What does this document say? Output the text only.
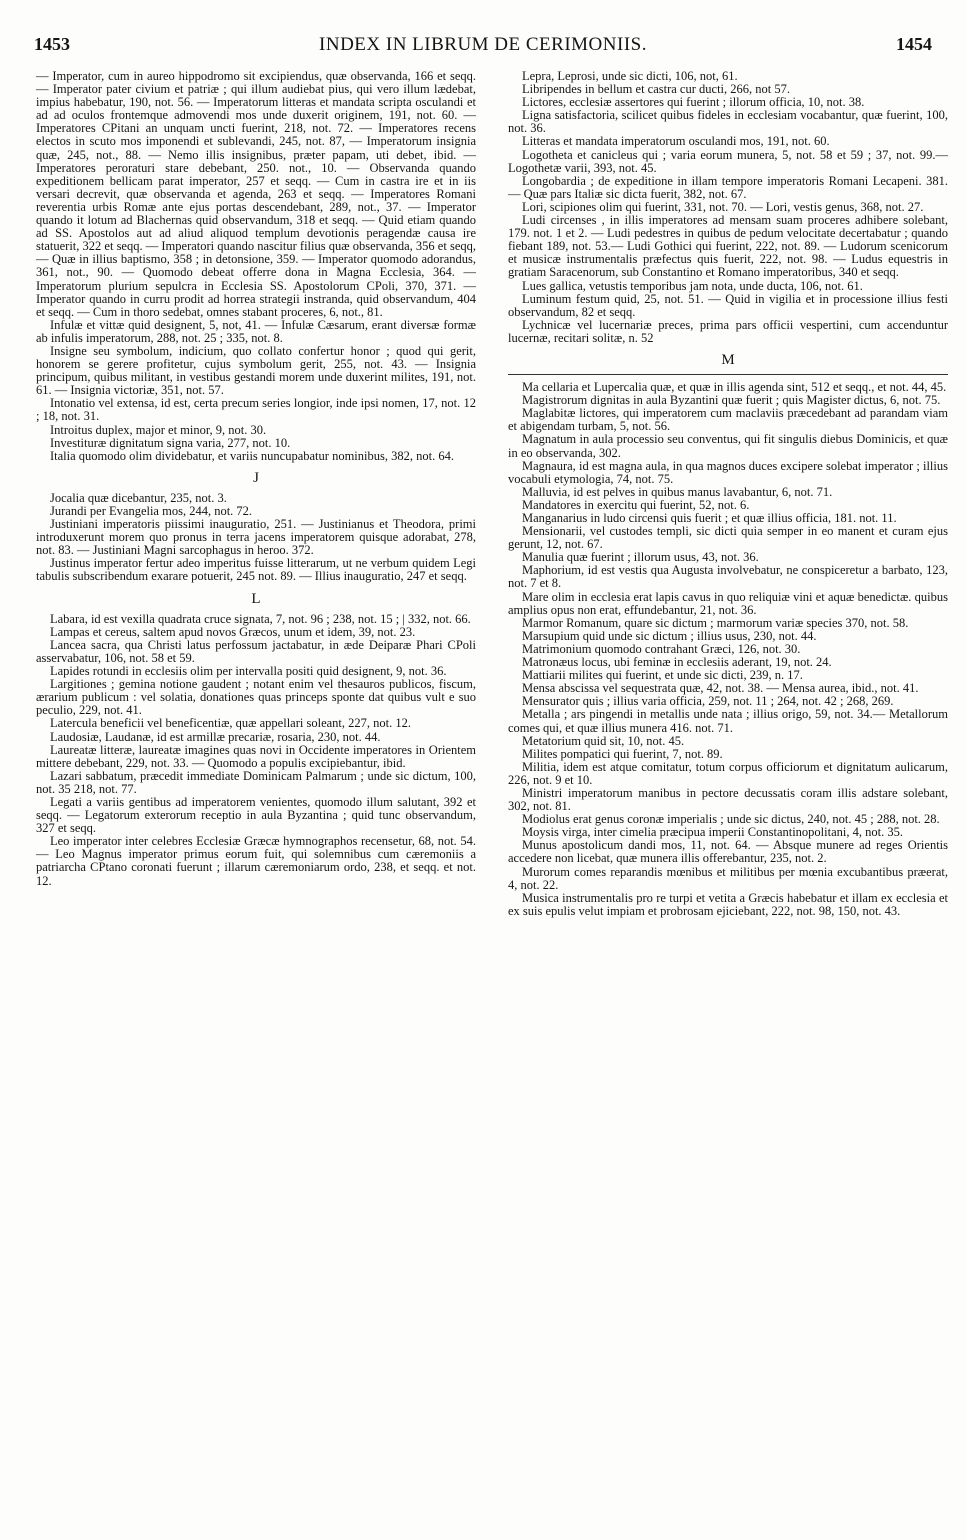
1453	INDEX IN LIBRUM DE CERIMONIIS.	1454

— Imperator, cum in aureo hippodromo sit excipiendus, quæ observanda, 166 et seqq. — Imperator pater civium et patriæ ; qui illum audiebat pius, qui vero illum lædebat, impius habebatur, 190, not. 56. — Imperatorum litteras et mandata scripta osculandi et ad ad oculos frontemque admovendi mos unde duxerit originem, 191, not. 60. — Imperatores CPitani an unquam uncti fuerint, 218, not. 72. — Imperatores recens electos in scuto mos imponendi et sublevandi, 245, not. 87, — Imperatorum insignia quæ, 245, not., 88. — Nemo illis insignibus, præter papam, uti debet, ibid. — Imperatores peroraturi stare debebant, 250. not., 10. — Observanda quando expeditionem bellicam parat imperator, 257 et seqq. — Cum in castra ire et in iis versari decrevit, quæ observanda et agenda, 263 et seqq. — Imperatores Romani reverentia urbis Romæ ante ejus portas descendebant, 289, not., 37. — Imperator quando it lotum ad Blachernas quid observandum, 318 et seqq. — Quid etiam quando ad SS. Apostolos aut ad aliud aliquod templum devotionis peragendæ causa ire statuerit, 322 et seqq. — Imperatori quando nascitur filius quæ observanda, 356 et seqq, — Quæ in illius baptismo, 358 ; in detonsione, 359. — Imperator quomodo adorandus, 361, not., 90. — Quomodo debeat offerre dona in Magna Ecclesia, 364. — Imperatorum plurium sepulcra in Ecclesia SS. Apostolorum CPoli, 370, 371. — Imperator quando in curru prodit ad horrea strategii instranda, quid observandum, 404 et seqq. — Cum in thoro sedebat, omnes stabant proceres, 6, not., 81.

Infulæ et vittæ quid designent, 5, not, 41. — Infulæ Cæsarum, erant diversæ formæ ab infulis imperatorum, 288, not. 25 ; 335, not. 8.

Insigne seu symbolum, indicium, quo collato confertur honor ; quod qui gerit, honorem se gerere profitetur, cujus symbolum gerit, 255, not. 43. — Insignia principum, quibus militant, in vestibus gestandi morem unde duxerint milites, 191, not. 61. — Insignia victoriæ, 351, not. 57.

Intonatio vel extensa, id est, certa precum series longior, inde ipsi nomen, 17, not. 12 ; 18, not. 31.

Introitus duplex, major et minor, 9, not. 30.

Investituræ dignitatum signa varia, 277, not. 10.

Italia quomodo olim dividebatur, et variis nuncupabatur nominibus, 382, not. 64.

J

Jocalia quæ dicebantur, 235, not. 3.

Jurandi per Evangelia mos, 244, not. 72.

Justiniani imperatoris piissimi inauguratio, 251. — Justinianus et Theodora, primi introduxerunt morem quo pronus in terra jacens imperatorem quisque adorabat, 278, not. 83. — Justiniani Magni sarcophagus in heroo. 372.

Justinus imperator fertur adeo imperitus fuisse litterarum, ut ne verbum quidem Legi tabulis subscribendum exarare potuerit, 245 not. 89. — Illius inauguratio, 247 et seqq.

L

Labara, id est vexilla quadrata cruce signata, 7, not. 96 ; 238, not. 15 ; | 332, not. 66.

Lampas et cereus, saltem apud novos Græcos, unum et idem, 39, not. 23.

Lancea sacra, qua Christi latus perfossum jactabatur, in æde Deiparæ Phari CPoli asservabatur, 106, not. 58 et 59.

Lapides rotundi in ecclesiis olim per intervalla positi quid designent, 9, not. 36.

Largitiones ; gemina notione gaudent ; notant enim vel thesauros publicos, fiscum, ærarium publicum : vel solatia, donationes quas princeps sponte dat quibus vult e suo peculio, 229, not. 41.

Latercula beneficii vel beneficentiæ, quæ appellari soleant, 227, not. 12.

Laudosiæ, Laudanæ, id est armillæ precariæ, rosaria, 230, not. 44.

Laureatæ litteræ, laureatæ imagines quas novi in Occidente imperatores in Orientem mittere debebant, 229, not. 33. — Quomodo a populis excipiebantur, ibid.

Lazari sabbatum, præcedit immediate Dominicam Palmarum ; unde sic dictum, 100, not. 35 218, not. 77.

Legati a variis gentibus ad imperatorem venientes, quomodo illum salutant, 392 et seqq. — Legatorum exterorum receptio in aula Byzantina ; quid tunc observandum, 327 et seqq.

Leo imperator inter celebres Ecclesiæ Græcæ hymnographos recensetur, 68, not. 54. — Leo Magnus imperator primus eorum fuit, qui solemnibus cum cæremoniis a patriarcha CPtano coronati fuerunt ; illarum cæremoniarum ordo, 238, et seqq. et not. 12.

Lepra, Leprosi, unde sic dicti, 106, not, 61.

Libripendes in bellum et castra cur ducti, 266, not 57.

Lictores, ecclesiæ assertores qui fuerint ; illorum officia, 10, not. 38.

Ligna satisfactoria, scilicet quibus fideles in ecclesiam vocabantur, quæ fuerint, 100, not. 36.

Litteras et mandata imperatorum osculandi mos, 191, not. 60.

Logotheta et canicleus qui ; varia eorum munera, 5, not. 58 et 59 ; 37, not. 99.— Logothetæ varii, 393, not. 45.

Longobardia ; de expeditione in illam tempore imperatoris Romani Lecapeni. 381. — Quæ pars Italiæ sic dicta fuerit, 382, not. 67.

Lori, scipiones olim qui fuerint, 331, not. 70. — Lori, vestis genus, 368, not. 27.

Ludi circenses , in illis imperatores ad mensam suam proceres adhibere solebant, 179. not. 1 et 2. — Ludi pedestres in quibus de pedum velocitate decertabatur ; quando fiebant 189, not. 53.— Ludi Gothici qui fuerint, 222, not. 89. — Ludorum scenicorum et musicæ instrumentalis præfectus quis fuerit, 222, not. 98. — Ludus equestris in gratiam Saracenorum, sub Constantino et Romano imperatoribus, 340 et seqq.

Lues gallica, vetustis temporibus jam nota, unde ducta, 106, not. 61.

Luminum festum quid, 25, not. 51. — Quid in vigilia et in processione illius festi observandum, 82 et seqq.

Lychnicæ vel lucernariæ preces, prima pars officii vespertini, cum accenduntur lucernæ, recitari solitæ, n. 52

M

Ma cellaria et Lupercalia quæ, et quæ in illis agenda sint, 512 et seqq., et not. 44, 45.

Magistrorum dignitas in aula Byzantini quæ fuerit ; quis Magister dictus, 6, not. 75.

Maglabitæ lictores, qui imperatorem cum maclaviis præcedebant ad parandam viam et abigendam turbam, 5, not. 56.

Magnatum in aula processio seu conventus, qui fit singulis diebus Dominicis, et quæ in eo observanda, 302.

Magnaura, id est magna aula, in qua magnos duces excipere solebat imperator ; illius vocabuli etymologia, 74, not. 75.

Malluvia, id est pelves in quibus manus lavabantur, 6, not. 71.

Mandatores in exercitu qui fuerint, 52, not. 6.

Manganarius in ludo circensi quis fuerit ; et quæ illius officia, 181. not. 11.

Mensionarii, vel custodes templi, sic dicti quia semper in eo manent et curam ejus gerunt, 12, not. 67.

Manulia quæ fuerint ; illorum usus, 43, not. 36.

Maphorium, id est vestis qua Augusta involvebatur, ne conspiceretur a barbato, 123, not. 7 et 8.

Mare olim in ecclesia erat lapis cavus in quo reliquiæ vini et aquæ benedictæ. quibus amplius opus non erat, effundebantur, 21, not. 36.

Marmor Romanum, quare sic dictum ; marmorum variæ species 370, not. 58.

Marsupium quid unde sic dictum ; illius usus, 230, not. 44.

Matrimonium quomodo contrahant Græci, 126, not. 30.

Matronæus locus, ubi feminæ in ecclesiis aderant, 19, not. 24.

Mattiarii milites qui fuerint, et unde sic dicti, 239, n. 17.

Mensa abscissa vel sequestrata quæ, 42, not. 38. — Mensa aurea, ibid., not. 41.

Mensurator quis ; illius varia officia, 259, not. 11 ; 264, not. 42 ; 268, 269.

Metalla ; ars pingendi in metallis unde nata ; illius origo, 59, not. 34.— Metallorum comes qui, et quæ illius munera 416. not. 71.

Metatorium quid sit, 10, not. 45.

Milites pompatici qui fuerint, 7, not. 89.

Militia, idem est atque comitatur, totum corpus officiorum et dignitatum aulicarum, 226, not. 9 et 10.

Ministri imperatorum manibus in pectore decussatis coram illis adstare solebant, 302, not. 81.

Modiolus erat genus coronæ imperialis ; unde sic dictus, 240, not. 45 ; 288, not. 28.

Moysis virga, inter cimelia præcipua imperii Constantinopolitani, 4, not. 35.

Munus apostolicum dandi mos, 11, not. 64. — Absque munere ad reges Orientis accedere non licebat, quæ munera illis offerebantur, 235, not. 2.

Murorum comes reparandis mœnibus et militibus per mœnia excubantibus præerat, 4, not. 22.

Musica instrumentalis pro re turpi et vetita a Græcis habebatur et illam ex ecclesia et ex suis epulis velut impiam et probrosam ejiciebant, 222, not. 98, 150, not. 43.
